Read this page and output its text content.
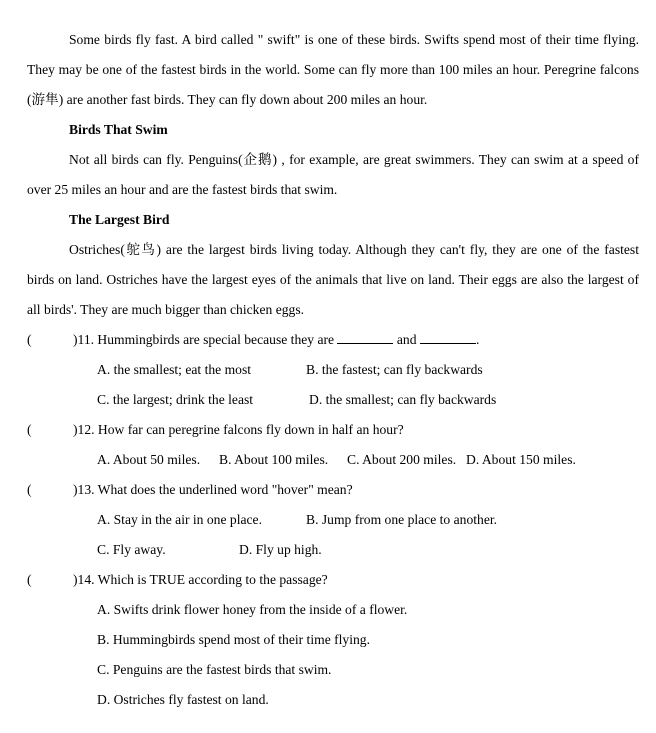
Some birds fly fast. A bird called " swift" is one of these birds. Swifts spend most of their time flying.
They may be one of the fastest birds in the world. Some can fly more than 100 miles an hour. Peregrine falcons
(游隼) are another fast birds. They can fly down about 200 miles an hour.
Birds That Swim
Not all birds can fly. Penguins(企鹅) , for example, are great swimmers. They can swim at a speed of
over 25 miles an hour and are the fastest birds that swim.
The Largest Bird
Ostriches(鸵鸟) are the largest birds living today. Although they can't fly, they are one of the fastest
birds on land. Ostriches have the largest eyes of the animals that live on land. Their eggs are also the largest of
all birds'. They are much bigger than chicken eggs.
(	)11. Hummingbirds are special because they are	and	.
A. the smallest; eat the most	B. the fastest; can fly backwards
C. the largest; drink the least	D. the smallest; can fly backwards
(	)12. How far can peregrine falcons fly down in half an hour?
A. About 50 miles. B. About 100 miles. C. About 200 miles. D. About 150 miles.
(	)13. What does the underlined word "hover" mean?
A. Stay in the air in one place.	B. Jump from one place to another.
C. Fly away.	D. Fly up high.
(	)14. Which is TRUE according to the passage?
A. Swifts drink flower honey from the inside of a flower.
B. Hummingbirds spend most of their time flying.
C. Penguins are the fastest birds that swim.
D. Ostriches fly fastest on land.
